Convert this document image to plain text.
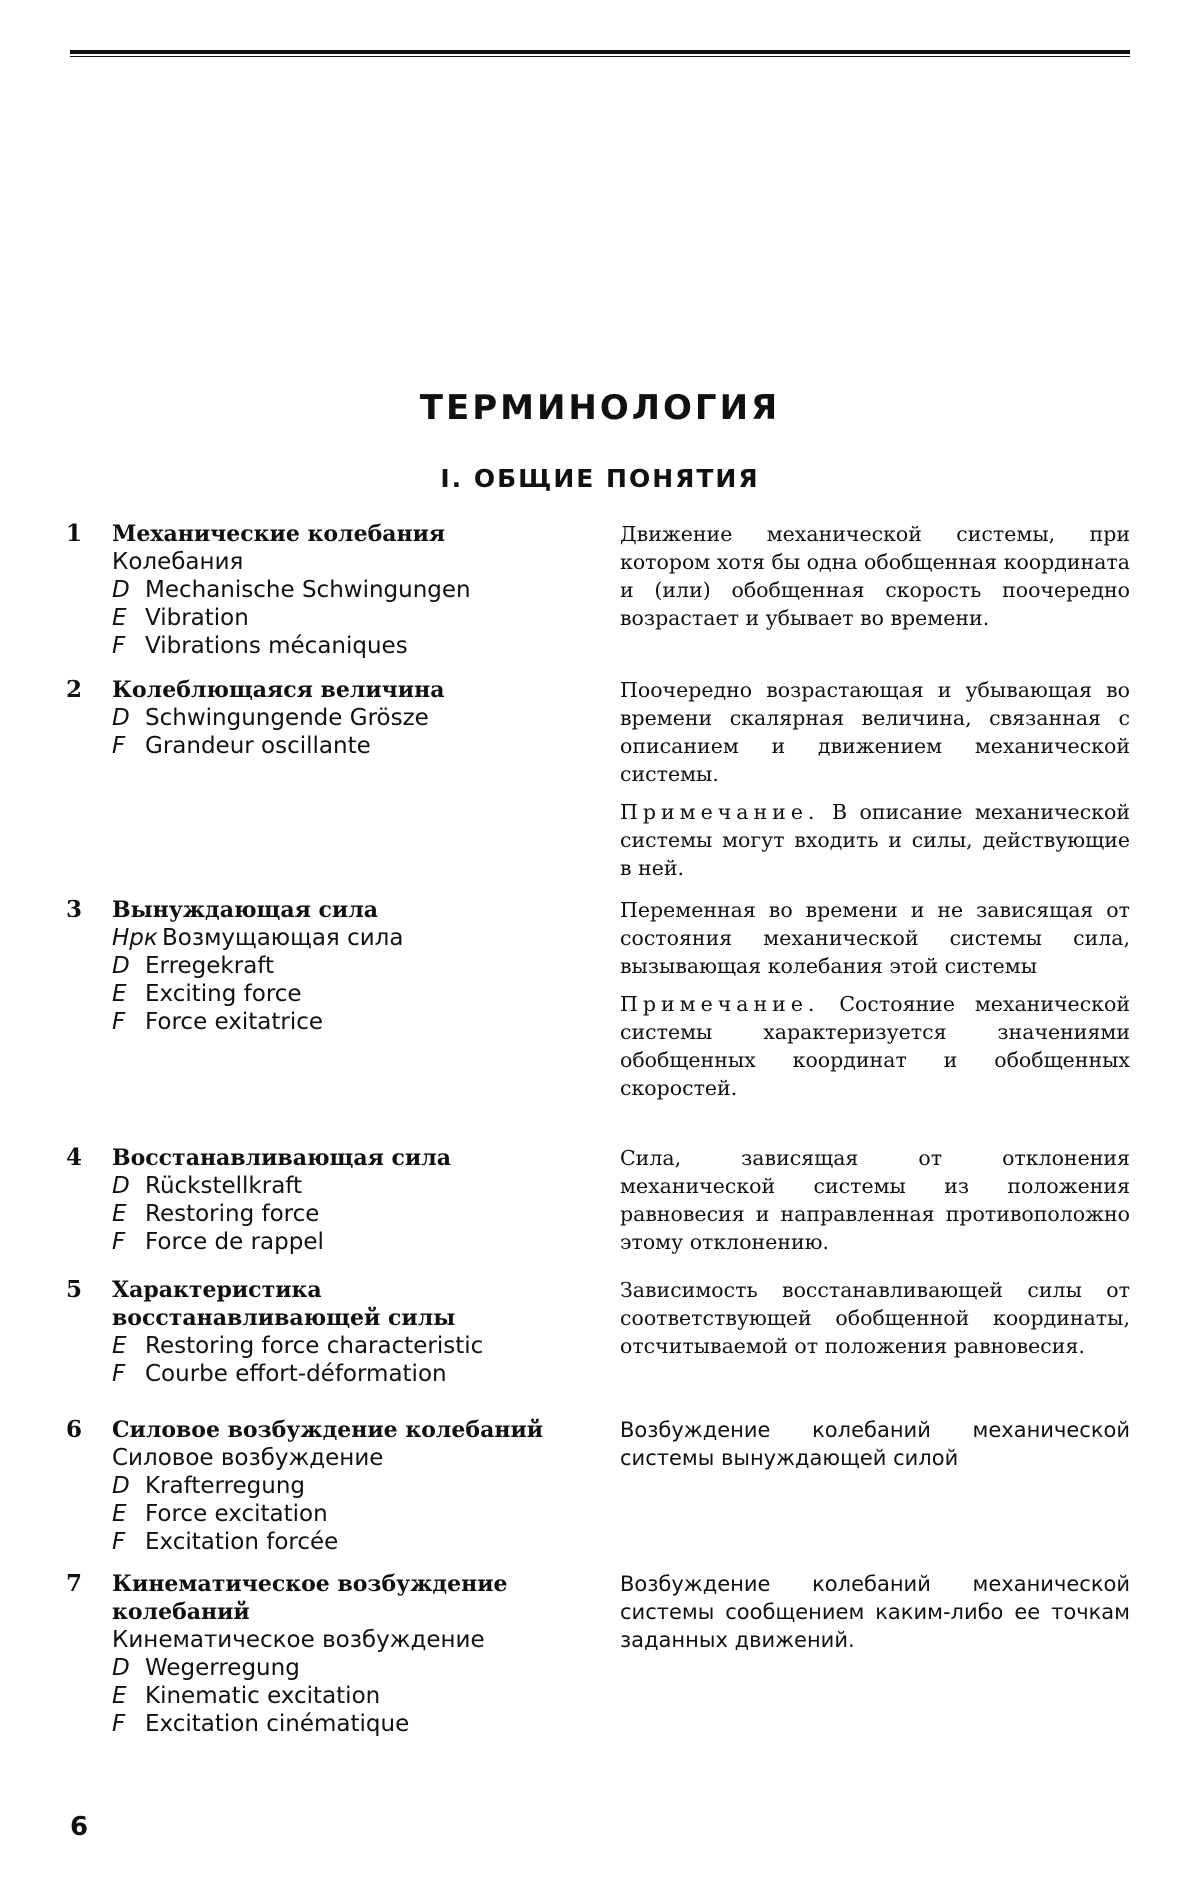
ТЕРМИНОЛОГИЯ
I. ОБЩИЕ ПОНЯТИЯ
1 Механические колебания
Колебания
D Mechanische Schwingungen
E Vibration
F Vibrations mécaniques

Движение механической системы, при котором хотя бы одна обобщенная координата и (или) обобщенная скорость поочередно возрастает и убывает во времени.

2 Колеблющаяся величина
D Schwingungende Grösze
F Grandeur oscillante

Поочередно возрастающая и убывающая во времени скалярная величина, связанная с описанием и движением механической системы.

Примечание. В описание механической системы могут входить и силы, действующие в ней.

3 Вынуждающая сила
Нрк Возмущающая сила
D Erregekraft
E Exciting force
F Force exitatrice

Переменная во времени и не зависящая от состояния механической системы сила, вызывающая колебания этой системы

Примечание. Состояние механической системы характеризуется значениями обобщенных координат и обобщенных скоростей.

4 Восстанавливающая сила
D Rückstellkraft
E Restoring force
F Force de rappel

Сила, зависящая от отклонения механической системы из положения равновесия и направленная противоположно этому отклонению.

5 Характеристика восстанавливающей силы
E Restoring force characteristic
F Courbe effort-déformation

Зависимость восстанавливающей силы от соответствующей обобщенной координаты, отсчитываемой от положения равновесия.

6 Силовое возбуждение колебаний
Силовое возбуждение
D Krafterregung
E Force excitation
F Excitation forcée

Возбуждение колебаний механической системы вынуждающей силой

7 Кинематическое возбуждение колебаний
Кинематическое возбуждение
D Wegerregung
E Kinematic excitation
F Excitation cinématique

Возбуждение колебаний механической системы сообщением каким-либо ее точкам заданных движений.

6
